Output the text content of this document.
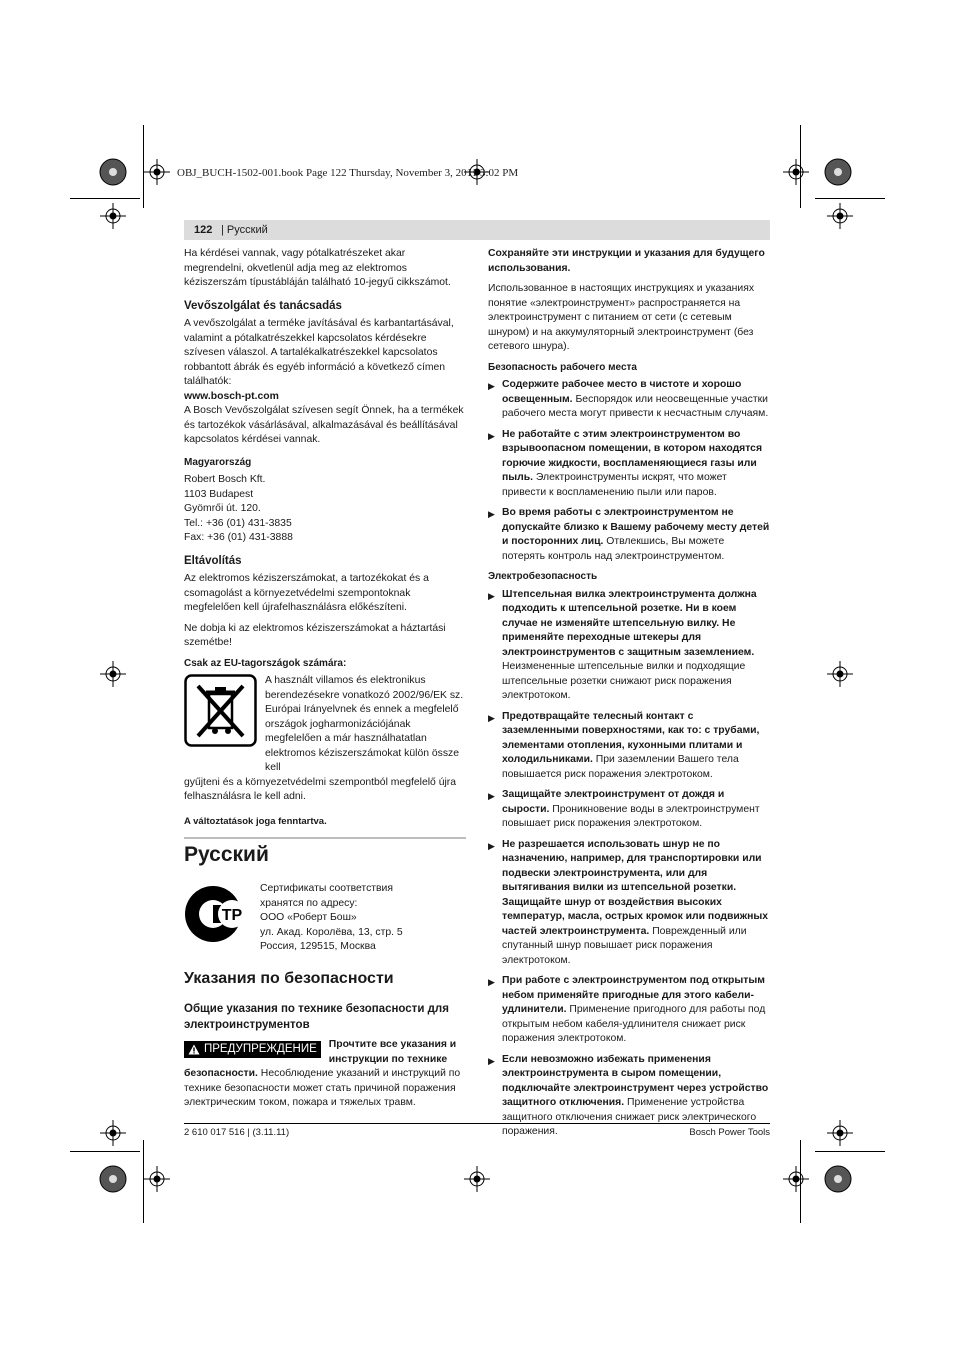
OBJ_BUCH-1502-001.book Page 122 Thursday, November 3, 2011 3:02 PM
122 | Русский

Ha kérdései vannak, vagy pótalkatrészeket akar megrendelni, okvetlenül adja meg az elektromos kéziszerszám típustábláján található 10-jegyű cikkszámot.

Vevőszolgálat és tanácsadás

A vevőszolgálat a terméke javításával és karbantartásával, valamint a pótalkatrészekkel kapcsolatos kérdésekre szívesen válaszol. A tartalékalkatrészekkel kapcsolatos robbantott ábrák és egyéb információ a következő címen találhatók:

www.bosch-pt.com

A Bosch Vevőszolgálat szívesen segít Önnek, ha a termékek és tartozékok vásárlásával, alkalmazásával és beállításával kapcsolatos kérdései vannak.

Magyarország
Robert Bosch Kft.
1103 Budapest
Gyömrői út. 120.
Tel.: +36 (01) 431-3835
Fax: +36 (01) 431-3888
Eltávolítás

Az elektromos kéziszerszámokat, a tartozékokat és a csomagolást a környezetvédelmi szempontoknak megfelelően kell újrafelhasználásra előkészíteni.

Ne dobja ki az elektromos kéziszerszámokat a háztartási szemétbe!

Csak az EU-tagországok számára:
A használt villamos és elektronikus berendezésekre vonatkozó 2002/96/EK sz. Európai Irányelvnek és ennek a megfelelő országok jogharmonizációjának megfelelően a már használhatatlan elektromos kéziszerszámokat külön össze kell

gyűjteni és a környezetvédelmi szempontból megfelelő újra felhasználásra le kell adni.

A változtatások joga fenntartva.
Русский
TP
Сертификаты соответствия
хранятся по адресу:
ООО «Роберт Бош»
ул. Акад. Королёва, 13, стр. 5
Россия, 129515, Москва
Указания по безопасности
Общие указания по технике безопасности для электроинструментов
ПРЕДУПРЕЖДЕНИЕ Прочтите все указания и инструкции по технике
безопасности. Несоблюдение указаний и инструкций по технике безопасности может стать причиной поражения электрическим током, пожара и тяжелых травм.

Сохраняйте эти инструкции и указания для будущего использования.

Использованное в настоящих инструкциях и указаниях понятие «электроинструмент» распространяется на электроинструмент с питанием от сети (с сетевым шнуром) и на аккумуляторный электроинструмент (без сетевого шнура).

Безопасность рабочего места
▶ Содержите рабочее место в чистоте и хорошо освещенным. Беспорядок или неосвещенные участки рабочего места могут привести к несчастным случаям.
▶ Не работайте с этим электроинструментом во взрывоопасном помещении, в котором находятся горючие жидкости, воспламеняющиеся газы или пыль. Электроинструменты искрят, что может привести к воспламенению пыли или паров.
▶ Во время работы с электроинструментом не допускайте близко к Вашему рабочему месту детей и посторонних лиц. Отвлекшись, Вы можете потерять контроль над электроинструментом.
Электробезопасность
▶ Штепсельная вилка электроинструмента должна подходить к штепсельной розетке. Ни в коем случае не изменяйте штепсельную вилку. Не применяйте переходные штекеры для электроинструментов с защитным заземлением. Неизмененные штепсельные вилки и подходящие штепсельные розетки снижают риск поражения электротоком.
▶ Предотвращайте телесный контакт с заземленными поверхностями, как то: с трубами, элементами отопления, кухонными плитами и холодильниками. При заземлении Вашего тела повышается риск поражения электротоком.
▶ Защищайте электроинструмент от дождя и сырости. Проникновение воды в электроинструмент повышает риск поражения электротоком.
▶ Не разрешается использовать шнур не по назначению, например, для транспортировки или подвески электроинструмента, или для вытягивания вилки из штепсельной розетки. Защищайте шнур от воздействия высоких температур, масла, острых кромок или подвижных частей электроинструмента. Поврежденный или спутанный шнур повышает риск поражения электротоком.
▶ При работе с электроинструментом под открытым небом применяйте пригодные для этого кабели-удлинители. Применение пригодного для работы под открытым небом кабеля-удлинителя снижает риск поражения электротоком.
▶ Если невозможно избежать применения электроинструмента в сыром помещении, подключайте электроинструмент через устройство защитного отключения. Применение устройства защитного отключения снижает риск электрического поражения.
2 610 017 516 | (3.11.11)	Bosch Power Tools
